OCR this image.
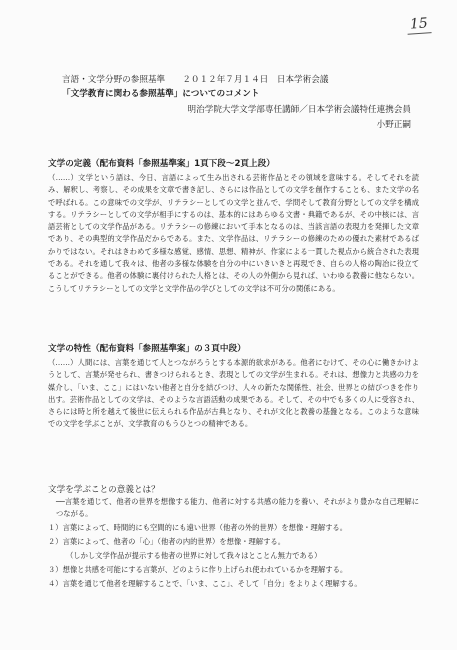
15
言語・文学分野の参照基準　　２０１２年７月１４日　日本学術会議
「文学教育に関わる参照基準」についてのコメント
明治学院大学文学部専任講師／日本学術会議特任連携会員
小野正嗣
文学の定義（配布資料「参照基準案」1頁下段～2頁上段）

（……）文学という語は、今日、言語によって生み出される芸術作品とその領域を意味する。そしてそれを読み、解釈し、考察し、その成果を文章で書き記し、さらには作品としての文学を創作することも、また文学の名で呼ばれる。この意味での文学が、リテラシーとしての文学と並んで、学問そして教育分野としての文学を構成する。リテラシーとしての文学が相手にするのは、基本的にはあらゆる文書・典籍であるが、その中核には、言語芸術としての文学作品がある。リテラシーの修練において手本となるのは、当該言語の表現力を発揮した文章であり、その典型的文学作品だからである。また、文学作品は、リテラシーの修練のための優れた素材であるばかりではない。それはきわめて多様な感覚、感情、思想、精神が、作家による一貫した視点から統合された表現である。それを通して我々は、他者の多様な体験を自分の中にいきいきと再現でき、自らの人格の陶冶に役立てることができる。他者の体験に裏付けられた人格とは、その人の外側から見れば、いわゆる教養に他ならない。こうしてリテラシーとしての文学と文学作品の学びとしての文学は不可分の関係にある。

文学の特性（配布資料「参照基準案」の３頁中段）

（……）人間には、言葉を通じて人とつながろうとする本源的欲求がある。他者にむけて、その心に働きかけようとして、言葉が発せられ、書きつけられるとき、表現としての文学が生まれる。それは、想像力と共感の力を媒介し、「いま、ここ」にはいない他者と自分を結びつけ、人々の新たな関係性、社会、世界との結びつきを作り出す。芸術作品としての文学は、そのような言語活動の成果である。そして、その中でも多くの人に受容され、さらには時と所を越えて後世に伝えられる作品が古典となり、それが文化と教養の基盤となる。このような意味での文学を学ぶことが、文学教育のもうひとつの精神である。

文学を学ぶことの意義とは？

──言葉を通じて、他者の世界を想像する能力、他者に対する共感の能力を養い、それがより豊かな自己理解につながる。

１）言葉によって、時間的にも空間的にも遠い世界（他者の外的世界）を想像・理解する。
２）言葉によって、他者の「心」（他者の内的世界）を想像・理解する。
（しかし文学作品が提示する他者の世界に対して我々はとことん無力である）
３）想像と共感を可能にする言葉が、どのように作り上げられ使われているかを理解する。
４）言葉を通じて他者を理解することで、「いま、ここ」、そして「自分」をよりよく理解する。
